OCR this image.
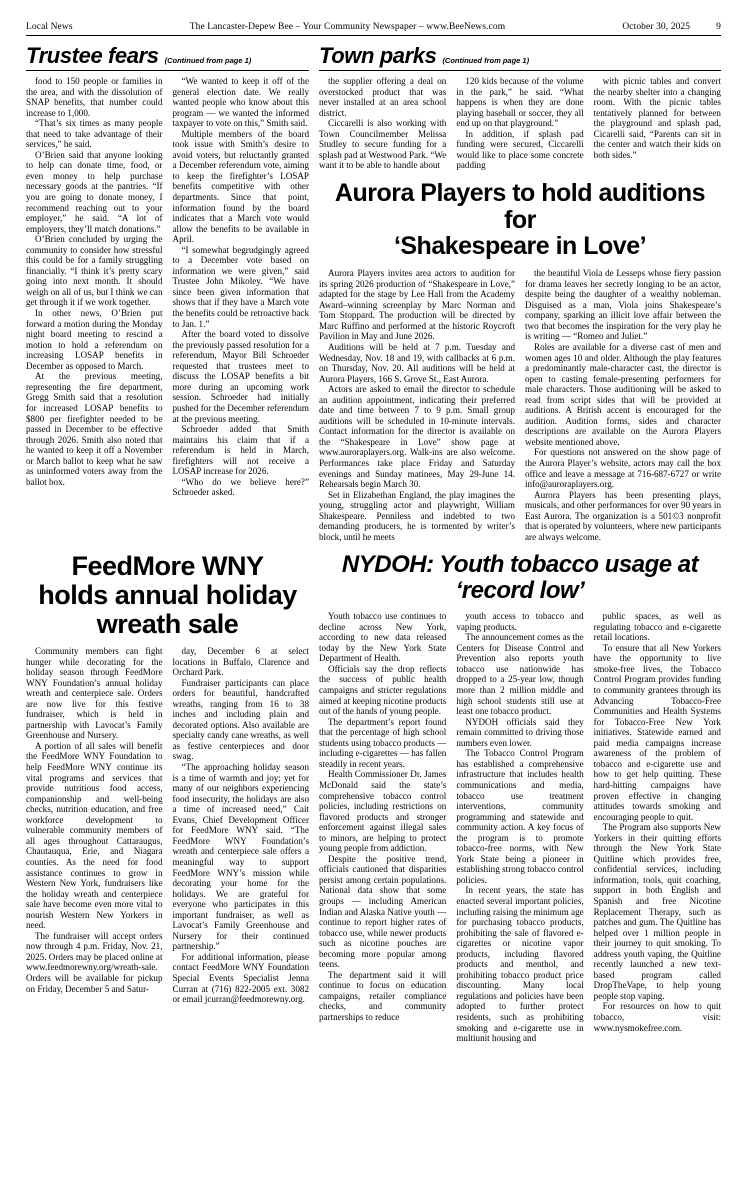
Local News	The Lancaster-Depew Bee – Your Community Newspaper – www.BeeNews.com	October 30, 2025	9
Trustee fears (Continued from page 1)

food to 150 people or families in the area, and with the dissolution of SNAP benefits, that number could increase to 1,000.

“That’s six times as many people that need to take advantage of their services,” he said.

O’Brien said that anyone looking to help can donate time, food, or even money to help purchase necessary goods at the pantries. “If you are going to donate money, I recommend reaching out to your employer,” he said. “A lot of employers, they’ll match donations.”

O’Brien concluded by urging the community to consider how stressful this could be for a family struggling financially. “I think it’s pretty scary going into next month. It should weigh on all of us, but I think we can get through it if we work together.

In other news, O’Brien put forward a motion during the Monday night board meeting to rescind a motion to hold a referendum on increasing LOSAP benefits in December as opposed to March.

At the previous meeting, representing the fire department, Gregg Smith said that a resolution for increased LOSAP benefits to $800 per firefighter needed to be passed in December to be effective through 2026. Smith also noted that he wanted to keep it off a November or March ballot to keep what he saw as uninformed voters away from the ballot box.

“We wanted to keep it off of the general election date. We really wanted people who know about this program — we wanted the informed taxpayer to vote on this,” Smith said.

Multiple members of the board took issue with Smith’s desire to avoid voters, but reluctantly granted a December referendum vote, aiming to keep the firefighter’s LOSAP benefits competitive with other departments. Since that point, information found by the board indicates that a March vote would allow the benefits to be available in April.

“I somewhat begrudgingly agreed to a December vote based on information we were given,” said Trustee John Mikoley. “We have since been given information that shows that if they have a March vote the benefits could be retroactive back to Jan. 1.”

After the board voted to dissolve the previously passed resolution for a referendum, Mayor Bill Schroeder requested that trustees meet to discuss the LOSAP benefits a bit more during an upcoming work session. Schroeder had initially pushed for the December referendum at the previous meeting.

Schroeder added that Smith maintains his claim that if a referendum is held in March, firefighters will not receive a LOSAP increase for 2026.

“Who do we believe here?” Schroeder asked.

Town parks (Continued from page 1)

the supplier offering a deal on overstocked product that was never installed at an area school district.

Ciccarelli is also working with Town Councilmember Melissa Studley to secure funding for a splash pad at Westwood Park. “We want it to be able to handle about

120 kids because of the volume in the park,” he said. “What happens is when they are done playing baseball or soccer, they all end up on that playground.”

In addition, if splash pad funding were secured, Ciccarelli would like to place some concrete padding

with picnic tables and convert the nearby shelter into a changing room. With the picnic tables tentatively planned for between the playground and splash pad, Cicarelli said, “Parents can sit in the center and watch their kids on both sides.”

Aurora Players to hold auditions for
‘Shakespeare in Love’

Aurora Players invites area actors to audition for its spring 2026 production of “Shakespeare in Love,” adapted for the stage by Lee Hall from the Academy Award–winning screenplay by Marc Norman and Tom Stoppard. The production will be directed by Marc Ruffino and performed at the historic Roycroft Pavilion in May and June 2026.

Auditions will be held at 7 p.m. Tuesday and Wednesday, Nov. 18 and 19, with callbacks at 6 p.m. on Thursday, Nov. 20. All auditions will be held at Aurora Players, 166 S. Grove St., East Aurora.

Actors are asked to email the director to schedule an audition appointment, indicating their preferred date and time between 7 to 9 p.m. Small group auditions will be scheduled in 10-minute intervals. Contact information for the director is available on the “Shakespeare in Love” show page at www.auroraplayers.org. Walk-ins are also welcome. Performances take place Friday and Saturday evenings and Sunday matinees, May 29-June 14. Rehearsals begin March 30.

Set in Elizabethan England, the play imagines the young, struggling actor and playwright, William Shakespeare. Penniless and indebted to two demanding producers, he is tormented by writer’s block, until he meets

the beautiful Viola de Lesseps whose fiery passion for drama leaves her secretly longing to be an actor, despite being the daughter of a wealthy nobleman. Disguised as a man, Viola joins Shakespeare’s company, sparking an illicit love affair between the two that becomes the inspiration for the very play he is writing — “Romeo and Juliet.”

Roles are available for a diverse cast of men and women ages 10 and older. Although the play features a predominantly male-character cast, the director is open to casting female-presenting performers for male characters. Those auditioning will be asked to read from script sides that will be provided at auditions. A British accent is encouraged for the audition. Audition forms, sides and character descriptions are available on the Aurora Players website mentioned above.

For questions not answered on the show page of the Aurora Player’s website, actors may call the box office and leave a message at 716-687-6727 or write info@auroraplayers.org.

Aurora Players has been presenting plays, musicals, and other performances for over 90 years in East Aurora. The organization is a 501©3 nonprofit that is operated by volunteers, where new participants are always welcome.

FeedMore WNY
holds annual holiday
wreath sale

Community members can fight hunger while decorating for the holiday season through FeedMore WNY Foundation’s annual holiday wreath and centerpiece sale. Orders are now live for this festive fundraiser, which is held in partnership with Lavocat’s Family Greenhouse and Nursery.

A portion of all sales will benefit the FeedMore WNY Foundation to help FeedMore WNY continue its vital programs and services that provide nutritious food access, companionship and well-being checks, nutrition education, and free workforce development to vulnerable community members of all ages throughout Cattaraugus, Chautauqua, Erie, and Niagara counties. As the need for food assistance continues to grow in Western New York, fundraisers like the holiday wreath and centerpiece sale have become even more vital to nourish Western New Yorkers in need.

The fundraiser will accept orders now through 4 p.m. Friday, Nov. 21, 2025. Orders may be placed online at www.feedmorewny.org/wreath-sale. Orders will be available for pickup on Friday, December 5 and Satur-

day, December 6 at select locations in Buffalo, Clarence and Orchard Park.

Fundraiser participants can place orders for beautiful, handcrafted wreaths, ranging from 16 to 38 inches and including plain and decorated options. Also available are specialty candy cane wreaths, as well as festive centerpieces and door swag.

“The approaching holiday season is a time of warmth and joy; yet for many of our neighbors experiencing food insecurity, the holidays are also a time of increased need,” Cait Evans, Chief Development Officer for FeedMore WNY said. “The FeedMore WNY Foundation’s wreath and centerpiece sale offers a meaningful way to support FeedMore WNY’s mission while decorating your home for the holidays. We are grateful for everyone who participates in this important fundraiser, as well as Lavocat’s Family Greenhouse and Nursery for their continued partnership.”

For additional information, please contact FeedMore WNY Foundation Special Events Specialist Jenna Curran at (716) 822-2005 ext. 3082 or email jcurran@feedmorewny.org.

NYDOH: Youth tobacco usage at
‘record low’

Youth tobacco use continues to decline across New York, according to new data released today by the New York State Department of Health.

Officials say the drop reflects the success of public health campaigns and stricter regulations aimed at keeping nicotine products out of the hands of young people.

The department’s report found that the percentage of high school students using tobacco products — including e-cigarettes — has fallen steadily in recent years.

Health Commissioner Dr. James McDonald said the state’s comprehensive tobacco control policies, including restrictions on flavored products and stronger enforcement against illegal sales to minors, are helping to protect young people from addiction.

Despite the positive trend, officials cautioned that disparities persist among certain populations. National data show that some groups — including American Indian and Alaska Native youth — continue to report higher rates of tobacco use, while newer products such as nicotine pouches are becoming more popular among teens.

The department said it will continue to focus on education campaigns, retailer compliance checks, and community partnerships to reduce

youth access to tobacco and vaping products.

The announcement comes as the Centers for Disease Control and Prevention also reports youth tobacco use nationwide has dropped to a 25-year low, though more than 2 million middle and high school students still use at least one tobacco product.

NYDOH officials said they remain committed to driving those numbers even lower.

The Tobacco Control Program has established a comprehensive infrastructure that includes health communications and media, tobacco use treatment interventions, community programming and statewide and community action. A key focus of the program is to promote tobacco-free norms, with New York State being a pioneer in establishing strong tobacco control policies.

In recent years, the state has enacted several important policies, including raising the minimum age for purchasing tobacco products, prohibiting the sale of flavored e-cigarettes or nicotine vapor products, including flavored products and menthol, and prohibiting tobacco product price discounting. Many local regulations and policies have been adopted to further protect residents, such as prohibiting smoking and e-cigarette use in multiunit housing and

public spaces, as well as regulating tobacco and e-cigarette retail locations.

To ensure that all New Yorkers have the opportunity to live smoke-free lives, the Tobacco Control Program provides funding to community grantees through its Advancing Tobacco-Free Communities and Health Systems for Tobacco-Free New York initiatives. Statewide earned and paid media campaigns increase awareness of the problem of tobacco and e-cigarette use and how to get help quitting. These hard-hitting campaigns have proven effective in changing attitudes towards smoking and encouraging people to quit.

The Program also supports New Yorkers in their quitting efforts through the New York State Quitline which provides free, confidential services, including information, tools, quit coaching, support in both English and Spanish and free Nicotine Replacement Therapy, such as patches and gum. The Quitline has helped over 1 million people in their journey to quit smoking. To address youth vaping, the Quitline recently launched a new text-based program called DropTheVape, to help young people stop vaping.

For resources on how to quit tobacco, visit: www.nysmokefree.com.
